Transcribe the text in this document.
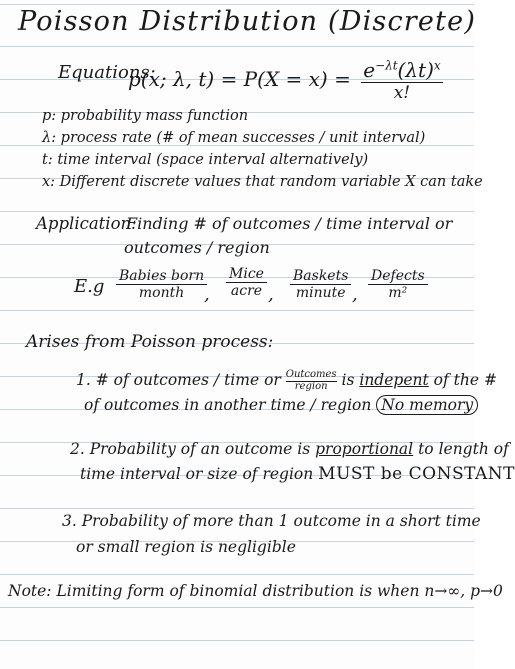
Poisson Distribution (Discrete)
Equations:
p(x; λ, $t) = P(X = x) = \frac{e^{-\lambda t}(\lambda t)^x}{x!}$
p: probability mass function
λ: process rate (# of mean successes / unit interval)
t: time interval (space interval alternatively)
x: Different discrete values that random variable X can take
Application:
Finding # of outcomes / time interval or
outcomes / region
E.g Babies born
month	,
Mice
acre ,
Baskets
minute ,
Defects
m²
Arises from Poisson process:
1. # of outcomes / time or $\frac{\text{Outcomes}}{\text{region}}$ is indepent of the #
of outcomes in another time / region No memory
2. Probability of an outcome is proportional to length of
time interval or size of region MUST be CONSTANT
3. Probability of more than 1 outcome in a short time
or small region is negligible
Note: Limiting form of binomial distribution is when n→∞, p→0
